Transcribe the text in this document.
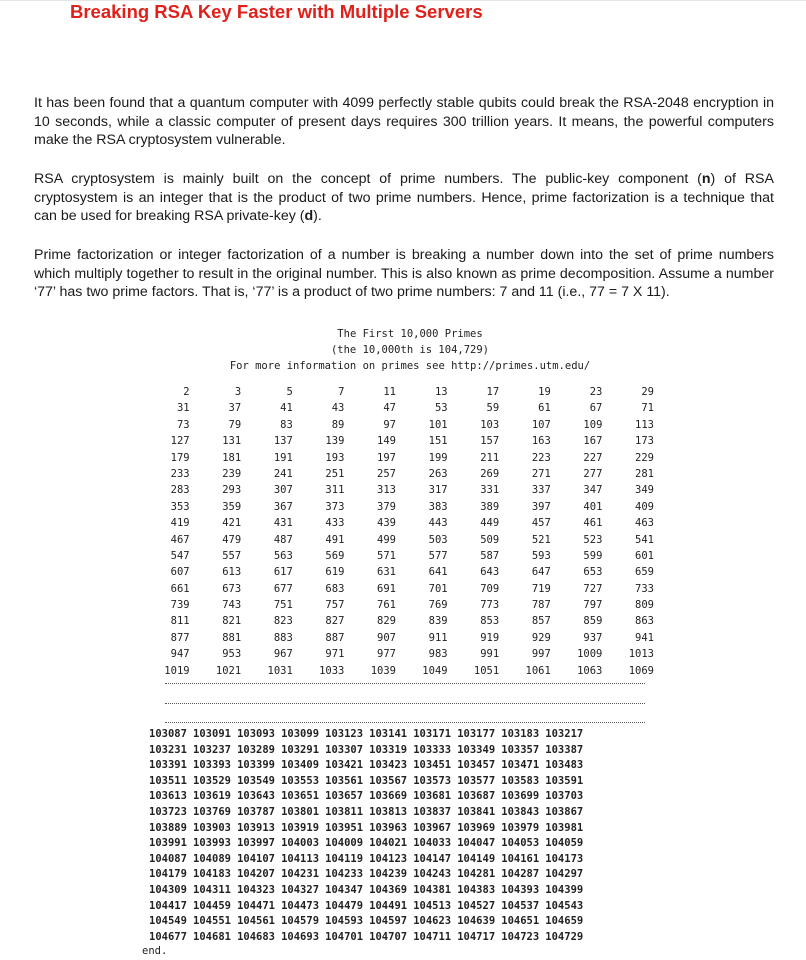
Breaking RSA Key Faster with Multiple Servers

It has been found that a quantum computer with 4099 perfectly stable qubits could break the RSA-2048 encryption in 10 seconds, while a classic computer of present days requires 300 trillion years. It means, the powerful computers make the RSA cryptosystem vulnerable.

RSA cryptosystem is mainly built on the concept of prime numbers. The public-key component (n) of RSA cryptosystem is an integer that is the product of two prime numbers. Hence, prime factorization is a technique that can be used for breaking RSA private-key (d).

Prime factorization or integer factorization of a number is breaking a number down into the set of prime numbers which multiply together to result in the original number. This is also known as prime decomposition. Assume a number ‘77’ has two prime factors. That is, ‘77’ is a product of two prime numbers: 7 and 11 (i.e., 77 = 7 X 11).

The First 10,000 Primes
(the 10,000th is 104,729)
For more information on primes see http://primes.utm.edu/
2	3	5	7	11	13	17	19	23	29
31	37	41	43	47	53	59	61	67	71
73	79	83	89	97	101	103	107	109	113
127	131	137	139	149	151	157	163	167	173
179	181	191	193	197	199	211	223	227	229
233	239	241	251	257	263	269	271	277	281
283	293	307	311	313	317	331	337	347	349
353	359	367	373	379	383	389	397	401	409
419	421	431	433	439	443	449	457	461	463
467	479	487	491	499	503	509	521	523	541
547	557	563	569	571	577	587	593	599	601
607	613	617	619	631	641	643	647	653	659
661	673	677	683	691	701	709	719	727	733
739	743	751	757	761	769	773	787	797	809
811	821	823	827	829	839	853	857	859	863
877	881	883	887	907	911	919	929	937	941
947	953	967	971	977	983	991	997	1009	1013
1019	1021	1031	1033	1039	1049	1051	1061	1063	1069
103087 103091 103093 103099 103123 103141 103171 103177 103183 103217
103231 103237 103289 103291 103307 103319 103333 103349 103357 103387
103391 103393 103399 103409 103421 103423 103451 103457 103471 103483
103511 103529 103549 103553 103561 103567 103573 103577 103583 103591
103613 103619 103643 103651 103657 103669 103681 103687 103699 103703
103723 103769 103787 103801 103811 103813 103837 103841 103843 103867
103889 103903 103913 103919 103951 103963 103967 103969 103979 103981
103991 103993 103997 104003 104009 104021 104033 104047 104053 104059
104087 104089 104107 104113 104119 104123 104147 104149 104161 104173
104179 104183 104207 104231 104233 104239 104243 104281 104287 104297
104309 104311 104323 104327 104347 104369 104381 104383 104393 104399
104417 104459 104471 104473 104479 104491 104513 104527 104537 104543
104549 104551 104561 104579 104593 104597 104623 104639 104651 104659
104677 104681 104683 104693 104701 104707 104711 104717 104723 104729
end.
